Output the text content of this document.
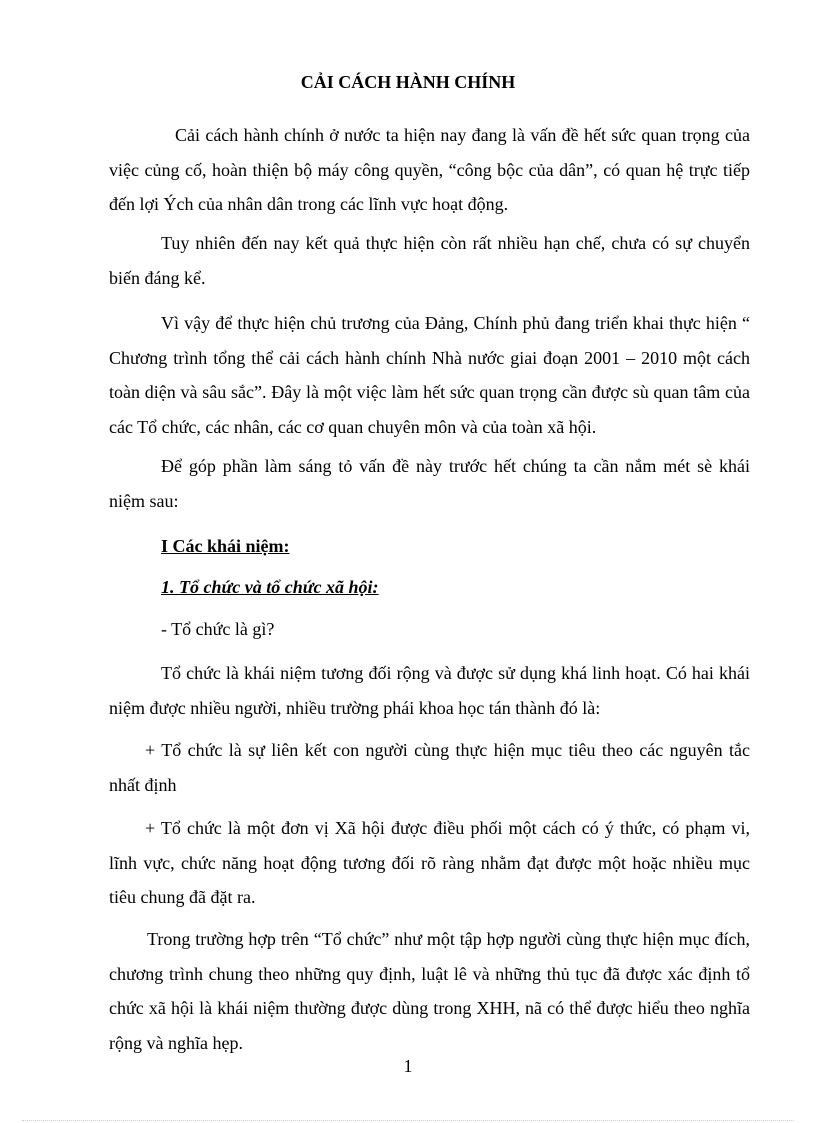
CẢI CÁCH HÀNH CHÍNH

Cải cách hành chính ở nước ta hiện nay đang là vấn đề hết sức quan trọng của việc củng cố, hoàn thiện bộ máy công quyền, “công bộc của dân”, có quan hệ trực tiếp đến lợi Ých của nhân dân trong các lĩnh vực hoạt động.

Tuy nhiên đến nay kết quả thực hiện còn rất nhiều hạn chế, chưa có sự chuyển biến đáng kể.

Vì vậy để thực hiện chủ trương của Đảng, Chính phủ đang triển khai thực hiện “ Chương trình tổng thể cải cách hành chính Nhà nước giai đoạn 2001 – 2010 một cách toàn diện và sâu sắc”. Đây là một việc làm hết sức quan trọng cần được sù quan tâm của các Tổ chức, các nhân, các cơ quan chuyên môn và của toàn xã hội.

Để góp phần làm sáng tỏ vấn đề này trước hết chúng ta cần nắm mét sè khái niệm sau:

I Các khái niệm:
1. Tổ chức và tổ chức xã hội:
- Tổ chức là gì?

Tổ chức là khái niệm tương đối rộng và được sử dụng khá linh hoạt. Có hai khái niệm được nhiều người, nhiều trường phái khoa học tán thành đó là:

+ Tổ chức là sự liên kết con người cùng thực hiện mục tiêu theo các nguyên tắc nhất định

+ Tổ chức là một đơn vị Xã hội được điều phối một cách có ý thức, có phạm vi, lĩnh vực, chức năng hoạt động tương đối rõ ràng nhằm đạt được một hoặc nhiều mục tiêu chung đã đặt ra.

Trong trường hợp trên “Tổ chức” như một tập hợp người cùng thực hiện mục đích, chương trình chung theo những quy định, luật lê và những thủ tục đã được xác định tổ chức xã hội là khái niệm thường được dùng trong XHH, nã có thể được hiểu theo nghĩa rộng và nghĩa hẹp.

1
